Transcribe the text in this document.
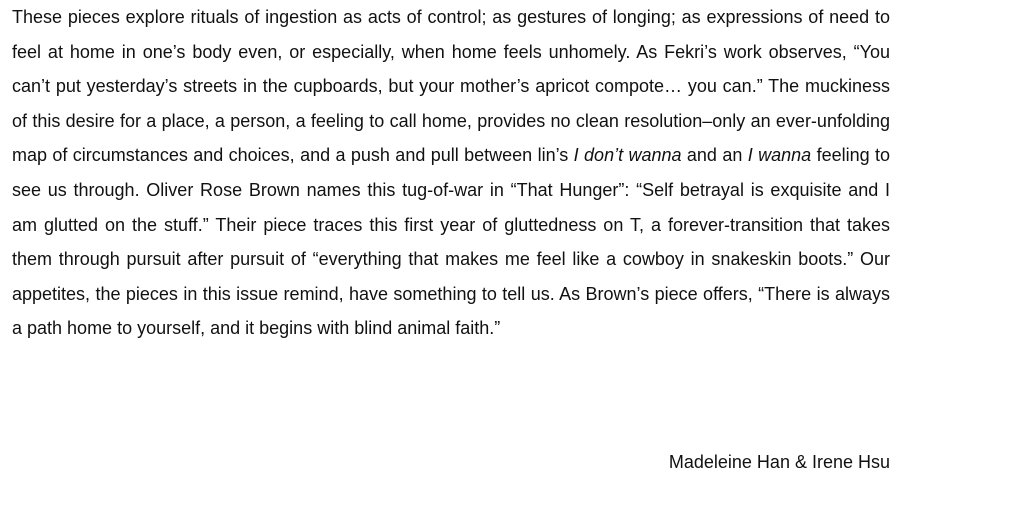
These pieces explore rituals of ingestion as acts of control; as gestures of longing; as expressions of need to feel at home in one’s body even, or especially, when home feels unhomely. As Fekri’s work observes, “You can’t put yesterday’s streets in the cupboards, but your mother’s apricot compote… you can.” The muckiness of this desire for a place, a person, a feeling to call home, provides no clean resolution–only an ever-unfolding map of circumstances and choices, and a push and pull between lin’s I don’t wanna and an I wanna feeling to see us through. Oliver Rose Brown names this tug-of-war in “That Hunger”: “Self betrayal is exquisite and I am glutted on the stuff.” Their piece traces this first year of gluttedness on T, a forever-transition that takes them through pursuit after pursuit of “everything that makes me feel like a cowboy in snakeskin boots.” Our appetites, the pieces in this issue remind, have something to tell us. As Brown’s piece offers, “There is always a path home to yourself, and it begins with blind animal faith.”

Madeleine Han & Irene Hsu
